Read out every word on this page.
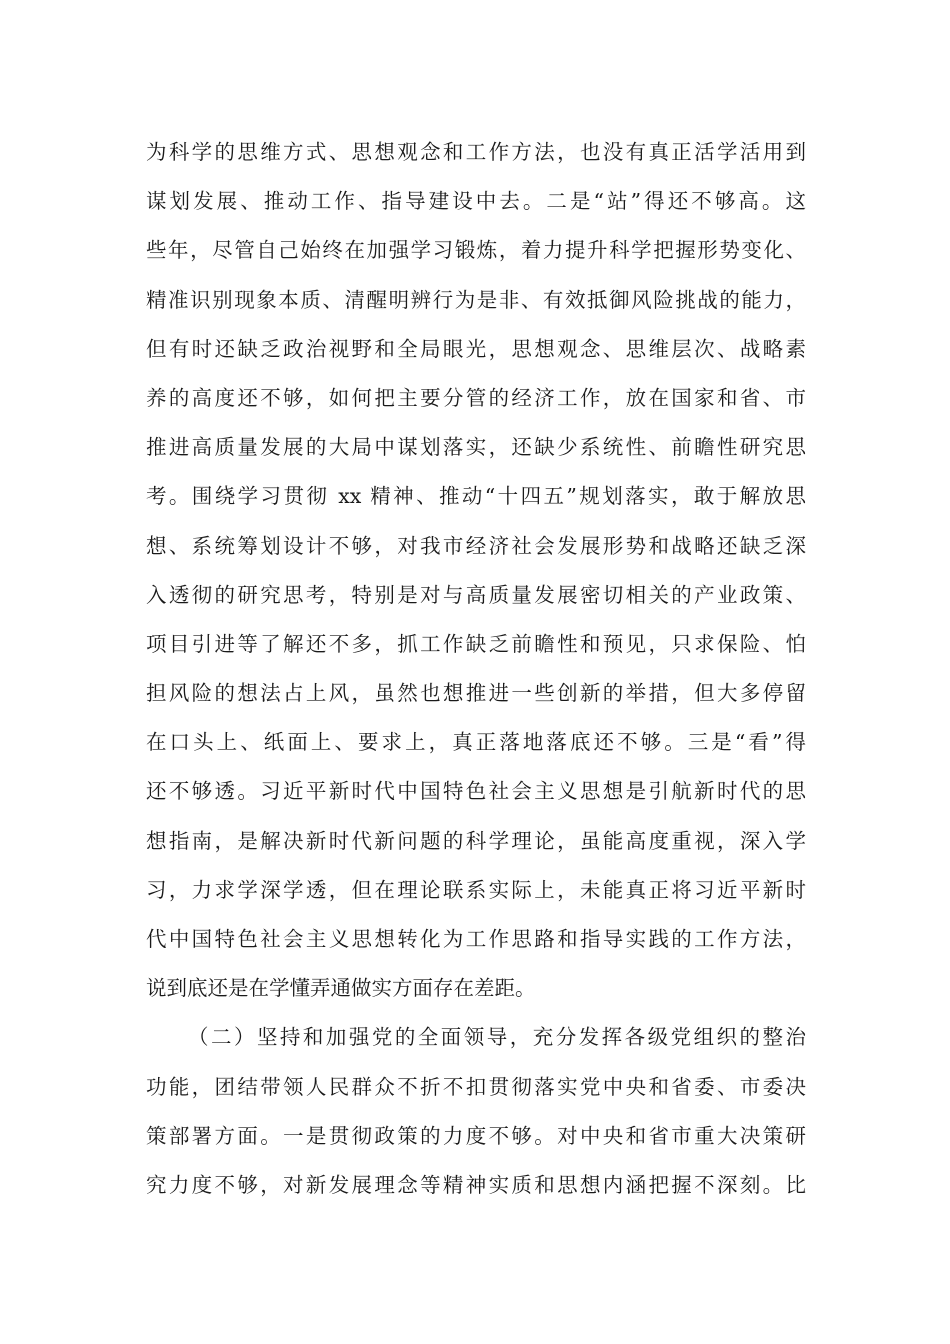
为科学的思维方式、思想观念和工作方法，也没有真正活学活用到
谋划发展、推动工作、指导建设中去。二是“站”得还不够高。这
些年，尽管自己始终在加强学习锻炼，着力提升科学把握形势变化、
精准识别现象本质、清醒明辨行为是非、有效抵御风险挑战的能力，
但有时还缺乏政治视野和全局眼光，思想观念、思维层次、战略素
养的高度还不够，如何把主要分管的经济工作，放在国家和省、市
推进高质量发展的大局中谋划落实，还缺少系统性、前瞻性研究思
考。围绕学习贯彻 xx 精神、推动“十四五”规划落实，敢于解放思
想、系统筹划设计不够，对我市经济社会发展形势和战略还缺乏深
入透彻的研究思考，特别是对与高质量发展密切相关的产业政策、
项目引进等了解还不多，抓工作缺乏前瞻性和预见，只求保险、怕
担风险的想法占上风，虽然也想推进一些创新的举措，但大多停留
在口头上、纸面上、要求上，真正落地落底还不够。三是“看”得
还不够透。习近平新时代中国特色社会主义思想是引航新时代的思
想指南，是解决新时代新问题的科学理论，虽能高度重视，深入学
习，力求学深学透，但在理论联系实际上，未能真正将习近平新时
代中国特色社会主义思想转化为工作思路和指导实践的工作方法，
说到底还是在学懂弄通做实方面存在差距。
（二）坚持和加强党的全面领导，充分发挥各级党组织的整治
功能，团结带领人民群众不折不扣贯彻落实党中央和省委、市委决
策部署方面。一是贯彻政策的力度不够。对中央和省市重大决策研
究力度不够，对新发展理念等精神实质和思想内涵把握不深刻。比
